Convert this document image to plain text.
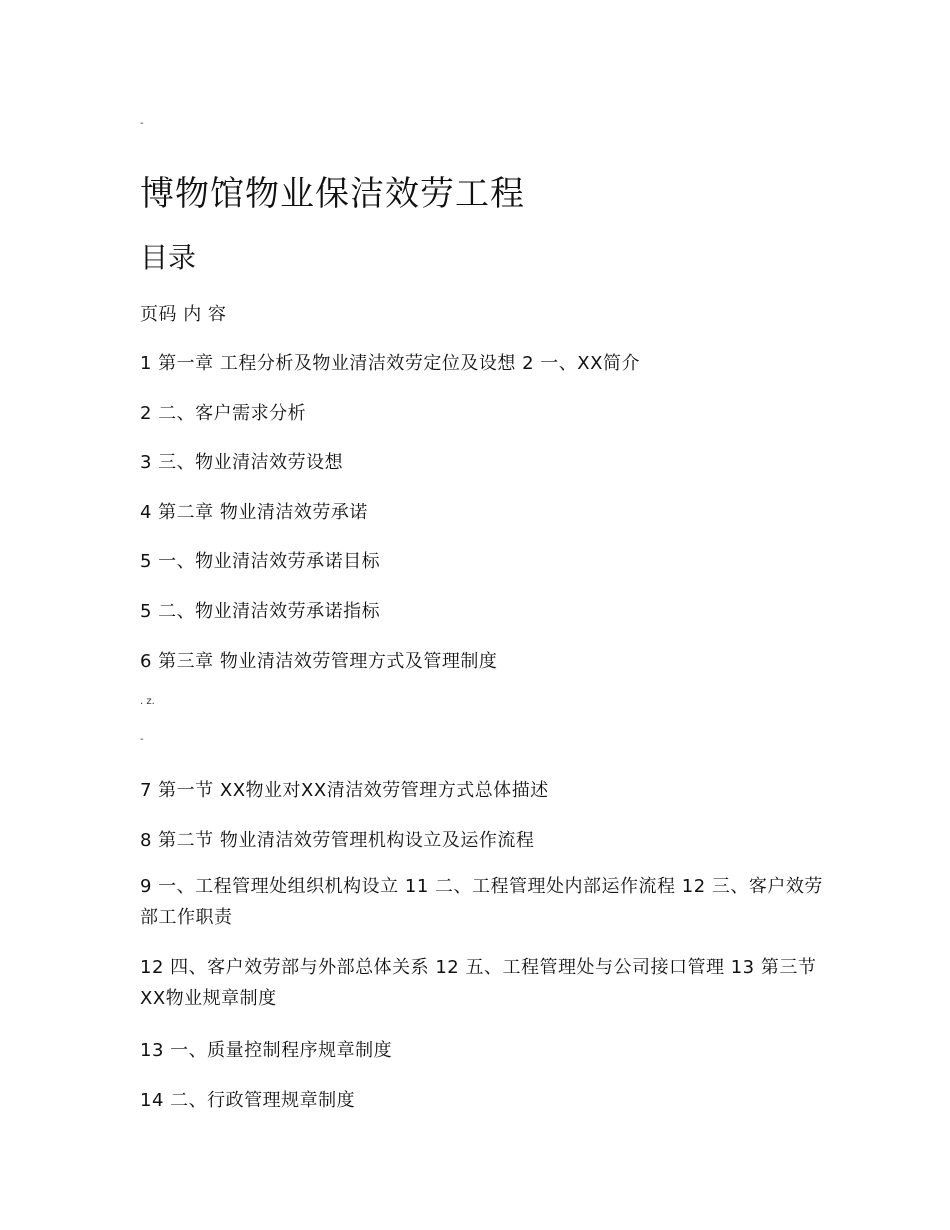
-
博物馆物业保洁效劳工程
目录
页码 内 容
1 第一章 工程分析及物业清洁效劳定位及设想 2 一、XX简介
2 二、客户需求分析
3 三、物业清洁效劳设想
4 第二章 物业清洁效劳承诺
5 一、物业清洁效劳承诺目标
5 二、物业清洁效劳承诺指标
6 第三章 物业清洁效劳管理方式及管理制度
. z.
-
7 第一节 XX物业对XX清洁效劳管理方式总体描述
8 第二节 物业清洁效劳管理机构设立及运作流程
9 一、工程管理处组织机构设立 11 二、工程管理处内部运作流程 12 三、客户效劳部工作职责
12 四、客户效劳部与外部总体关系 12 五、工程管理处与公司接口管理 13 第三节 XX物业规章制度
13 一、质量控制程序规章制度
14 二、行政管理规章制度
